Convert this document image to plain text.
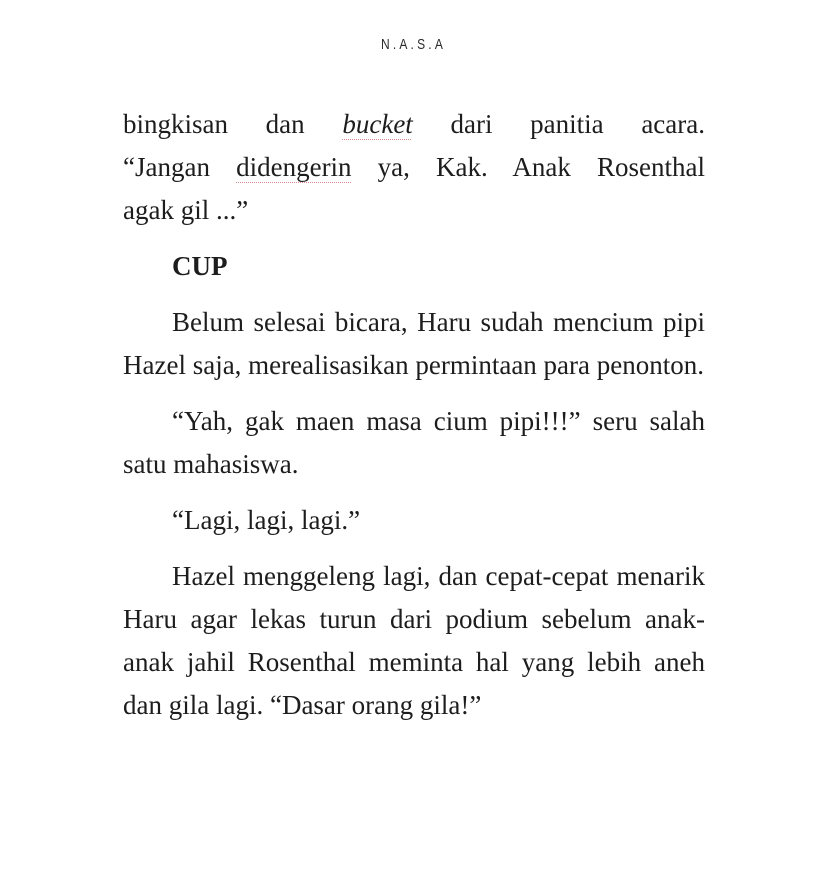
N.A.S.A
bingkisan dan bucket dari panitia acara.
“Jangan didengerin ya, Kak. Anak Rosenthal
agak gil ...”

CUP

Belum selesai bicara, Haru sudah mencium pipi Hazel saja, merealisasikan permintaan para penonton.

“Yah, gak maen masa cium pipi!!!” seru salah satu mahasiswa.

“Lagi, lagi, lagi.”

Hazel menggeleng lagi, dan cepat-cepat menarik Haru agar lekas turun dari podium sebelum anak-anak jahil Rosenthal meminta hal yang lebih aneh dan gila lagi. “Dasar orang gila!”
